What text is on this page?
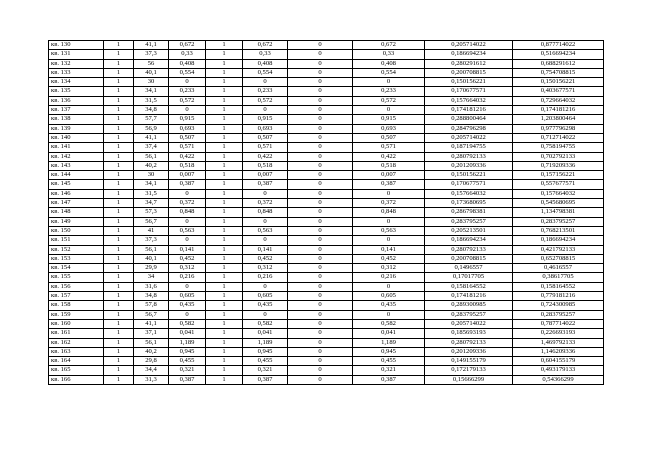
кв. 130	1	41,1	0,672	1	0,672	0	0,672	0,205714022	0,877714022
кв. 131	1	37,3	0,33	1	0,33	0	0,33	0,186694234	0,516694234
кв. 132	1	56	0,408	1	0,408	0	0,408	0,280291612	0,688291612
кв. 133	1	40,1	0,554	1	0,554	0	0,554	0,200708815	0,754708815
кв. 134	1	30	0	1	0	0	0	0,150156221	0,150156221
кв. 135	1	34,1	0,233	1	0,233	0	0,233	0,170677571	0,403677571
кв. 136	1	31,5	0,572	1	0,572	0	0,572	0,157664032	0,729664032
кв. 137	1	34,8	0	1	0	0	0	0,174181216	0,174181216
кв. 138	1	57,7	0,915	1	0,915	0	0,915	0,288800464	1,203800464
кв. 139	1	56,9	0,693	1	0,693	0	0,693	0,284796298	0,977796298
кв. 140	1	41,1	0,507	1	0,507	0	0,507	0,205714022	0,712714022
кв. 141	1	37,4	0,571	1	0,571	0	0,571	0,187194755	0,758194755
кв. 142	1	56,1	0,422	1	0,422	0	0,422	0,280792133	0,702792133
кв. 143	1	40,2	0,518	1	0,518	0	0,518	0,201209336	0,719209336
кв. 144	1	30	0,007	1	0,007	0	0,007	0,150156221	0,157156221
кв. 145	1	34,1	0,387	1	0,387	0	0,387	0,170677571	0,557677571
кв. 146	1	31,5	0	1	0	0	0	0,157664032	0,157664032
кв. 147	1	34,7	0,372	1	0,372	0	0,372	0,173680695	0,545680695
кв. 148	1	57,3	0,848	1	0,848	0	0,848	0,286798381	1,134798381
кв. 149	1	56,7	0	1	0	0	0	0,283795257	0,283795257
кв. 150	1	41	0,563	1	0,563	0	0,563	0,205213501	0,768213501
кв. 151	1	37,3	0	1	0	0	0	0,186694234	0,186694234
кв. 152	1	56,1	0,141	1	0,141	0	0,141	0,280792133	0,421792133
кв. 153	1	40,1	0,452	1	0,452	0	0,452	0,200708815	0,652708815
кв. 154	1	29,9	0,312	1	0,312	0	0,312	0,1496557	0,4616557
кв. 155	1	34	0,216	1	0,216	0	0,216	0,17017705	0,38617705
кв. 156	1	31,6	0	1	0	0	0	0,158164552	0,158164552
кв. 157	1	34,8	0,605	1	0,605	0	0,605	0,174181216	0,779181216
кв. 158	1	57,8	0,435	1	0,435	0	0,435	0,289300985	0,724300985
кв. 159	1	56,7	0	1	0	0	0	0,283795257	0,283795257
кв. 160	1	41,1	0,582	1	0,582	0	0,582	0,205714022	0,787714022
кв. 161	1	37,1	0,041	1	0,041	0	0,041	0,185693193	0,226693193
кв. 162	1	56,1	1,189	1	1,189	0	1,189	0,280792133	1,469792133
кв. 163	1	40,2	0,945	1	0,945	0	0,945	0,201209336	1,146209336
кв. 164	1	29,8	0,455	1	0,455	0	0,455	0,149155179	0,604155179
кв. 165	1	34,4	0,321	1	0,321	0	0,321	0,172179133	0,493179133
кв. 166	1	31,3	0,387	1	0,387	0	0,387	0,15666299	0,54366299
